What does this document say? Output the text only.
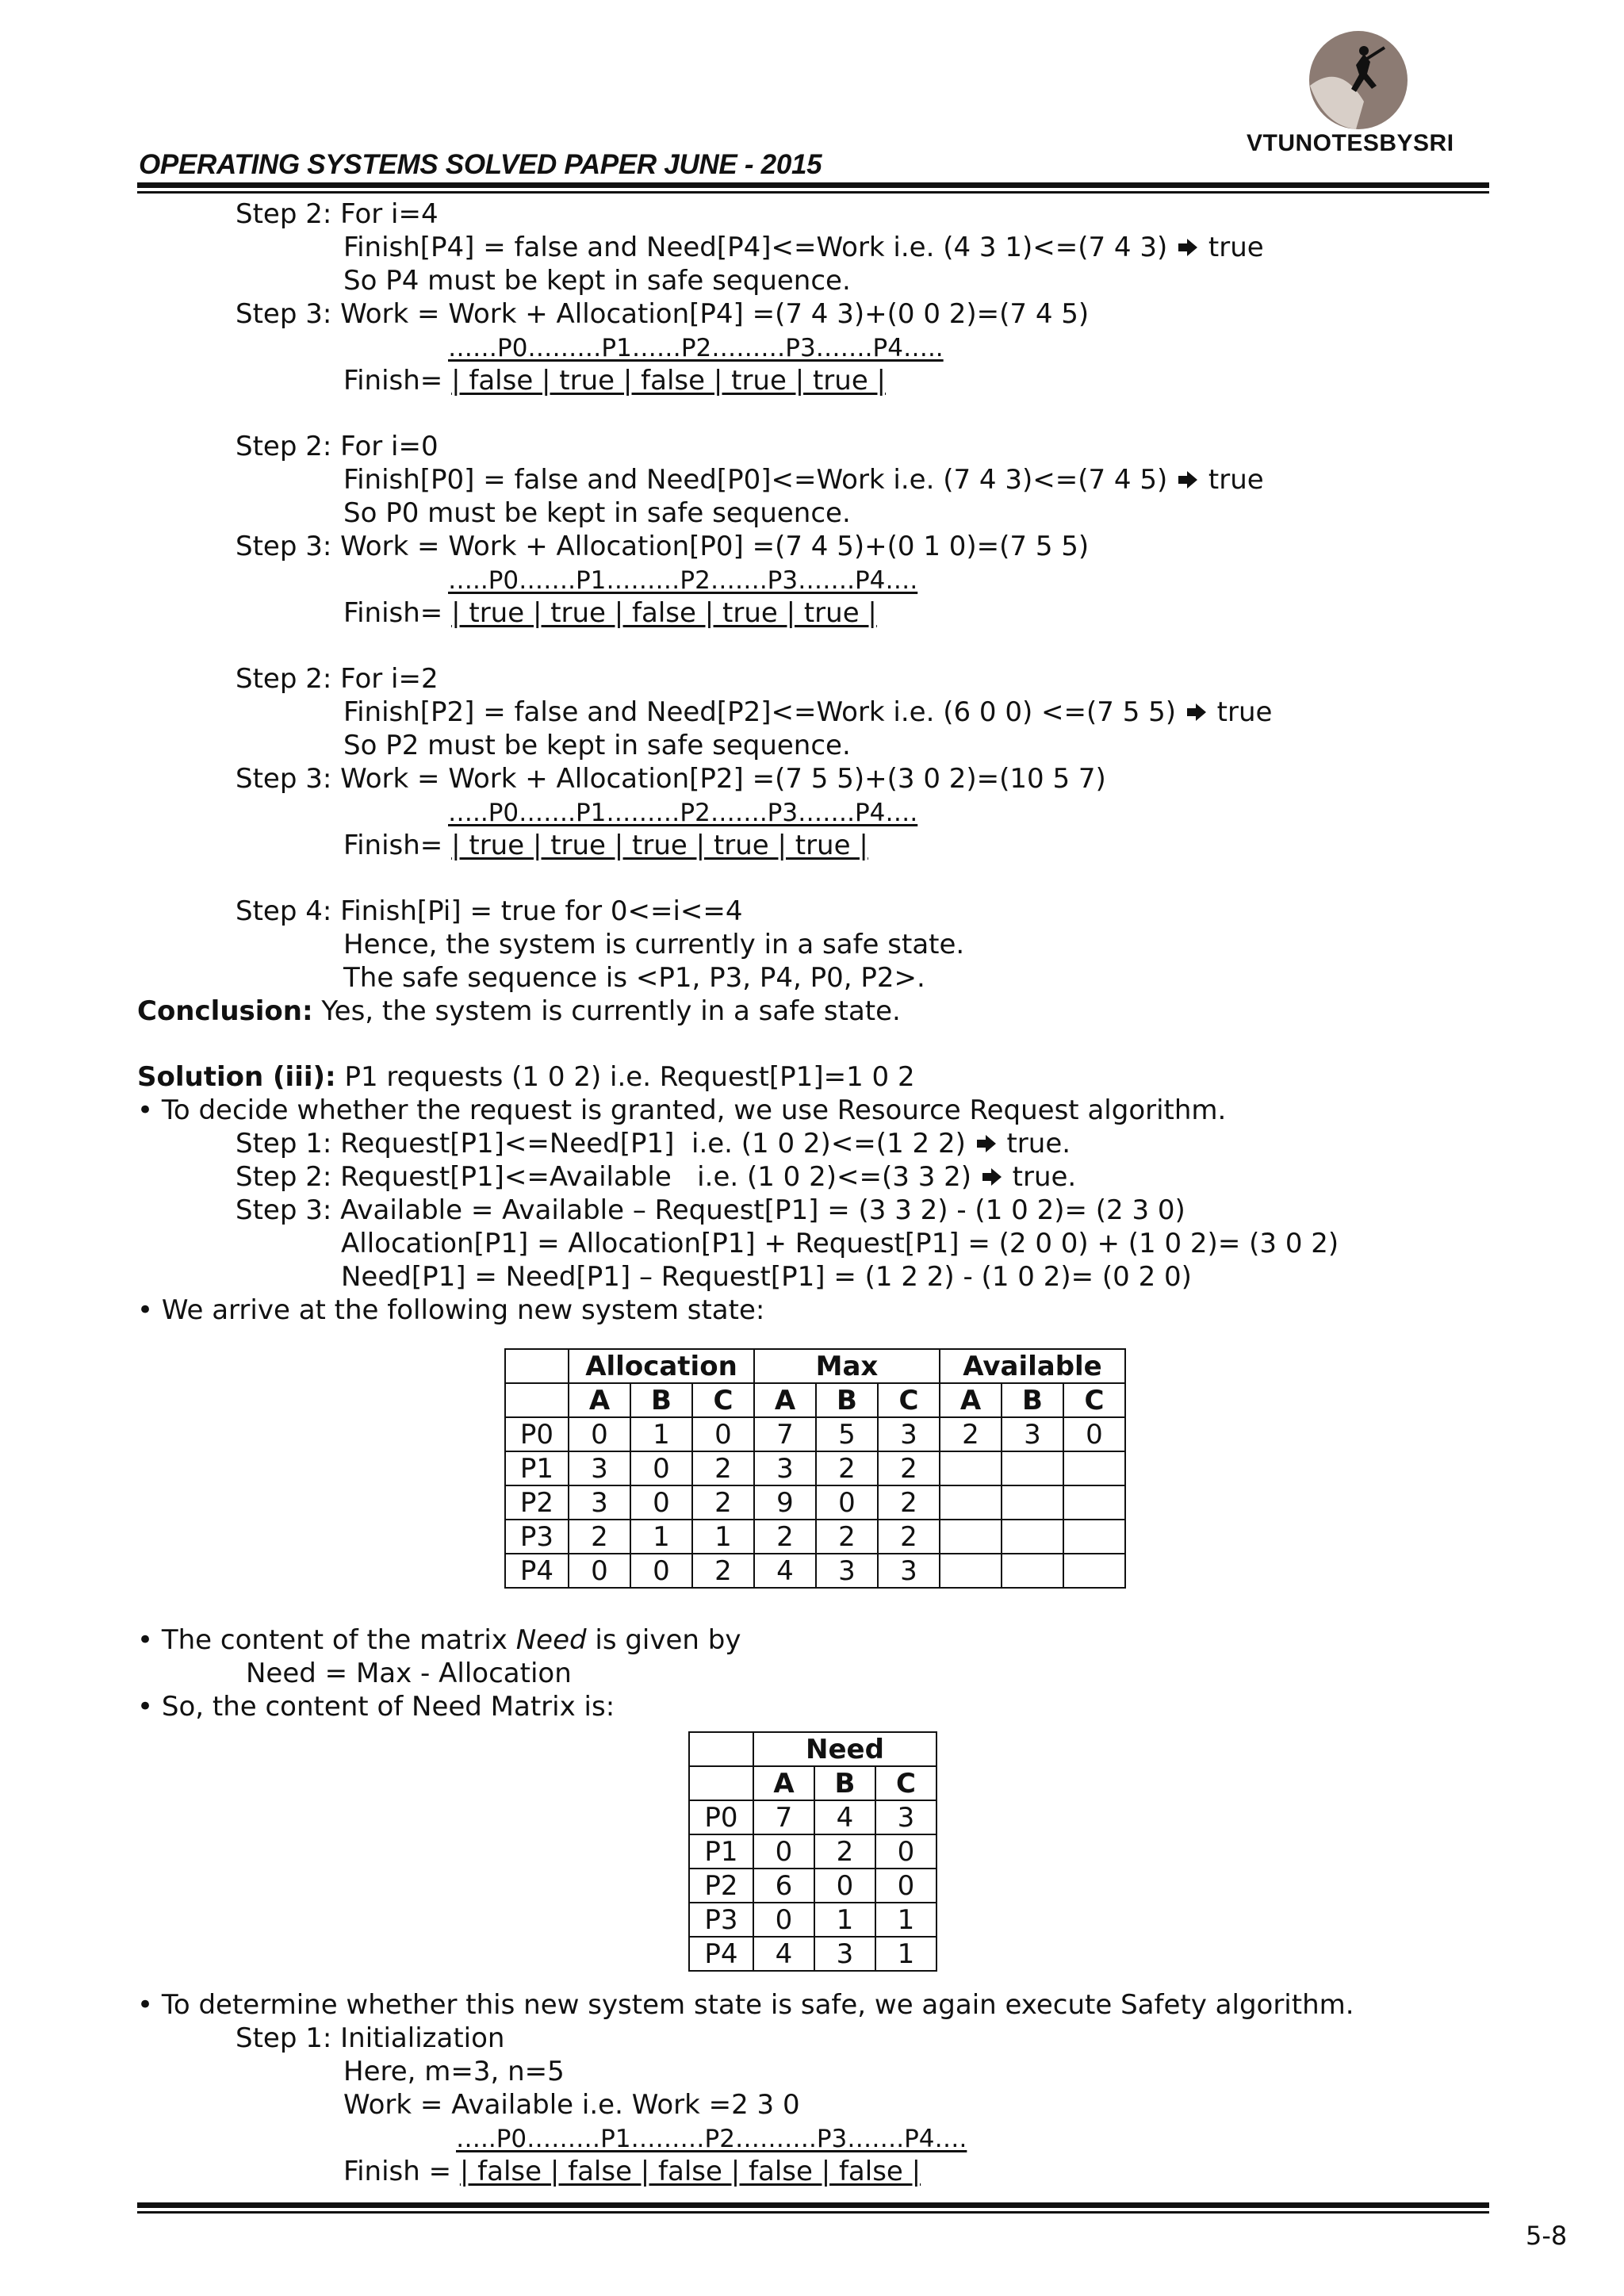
VTUNOTESBYSRI
OPERATING SYSTEMS SOLVED PAPER JUNE - 2015
Step 2: For i=4
Finish[P4] = false and Need[P4]<=Work i.e. (4 3 1)<=(7 4 3)  true
So P4 must be kept in safe sequence.
Step 3: Work = Work + Allocation[P4] =(7 4 3)+(0 0 2)=(7 4 5)
……P0………P1……P2………P3…….P4…..
Finish= | false | true | false | true | true |
Step 2: For i=0
Finish[P0] = false and Need[P0]<=Work i.e. (7 4 3)<=(7 4 5)  true
So P0 must be kept in safe sequence.
Step 3: Work = Work + Allocation[P0] =(7 4 5)+(0 1 0)=(7 5 5)
…..P0…….P1………P2…….P3…….P4….
Finish= | true | true | false | true | true |
Step 2: For i=2
Finish[P2] = false and Need[P2]<=Work i.e. (6 0 0) <=(7 5 5)  true
So P2 must be kept in safe sequence.
Step 3: Work = Work + Allocation[P2] =(7 5 5)+(3 0 2)=(10 5 7)
…..P0…….P1………P2…….P3…….P4….
Finish= | true | true | true | true | true |
Step 4: Finish[Pi] = true for 0<=i<=4
Hence, the system is currently in a safe state.
The safe sequence is <P1, P3, P4, P0, P2>.
Conclusion: Yes, the system is currently in a safe state.
Solution (iii): P1 requests (1 0 2) i.e. Request[P1]=1 0 2
• To decide whether the request is granted, we use Resource Request algorithm.
Step 1: Request[P1]<=Need[P1]  i.e. (1 0 2)<=(1 2 2)  true.
Step 2: Request[P1]<=Available   i.e. (1 0 2)<=(3 3 2)  true.
Step 3: Available = Available – Request[P1] = (3 3 2) - (1 0 2)= (2 3 0)
Allocation[P1] = Allocation[P1] + Request[P1] = (2 0 0) + (1 0 2)= (3 0 2)
Need[P1] = Need[P1] – Request[P1] = (1 2 2) - (1 0 2)= (0 2 0)
• We arrive at the following new system state:
	Allocation			Max			Available		
	A	B	C	A	B	C	A	B	C
P0	0	1	0	7	5	3	2	3	0
P1	3	0	2	3	2	2			
P2	3	0	2	9	0	2			
P3	2	1	1	2	2	2			
P4	0	0	2	4	3	3			
• The content of the matrix Need is given by
Need = Max - Allocation
• So, the content of Need Matrix is:
	Need		
	A	B	C
P0	7	4	3
P1	0	2	0
P2	6	0	0
P3	0	1	1
P4	4	3	1
• To determine whether this new system state is safe, we again execute Safety algorithm.
Step 1: Initialization
Here, m=3, n=5
Work = Available i.e. Work =2 3 0
…..P0………P1………P2……….P3…….P4….
Finish = | false | false | false | false | false |
5-8
